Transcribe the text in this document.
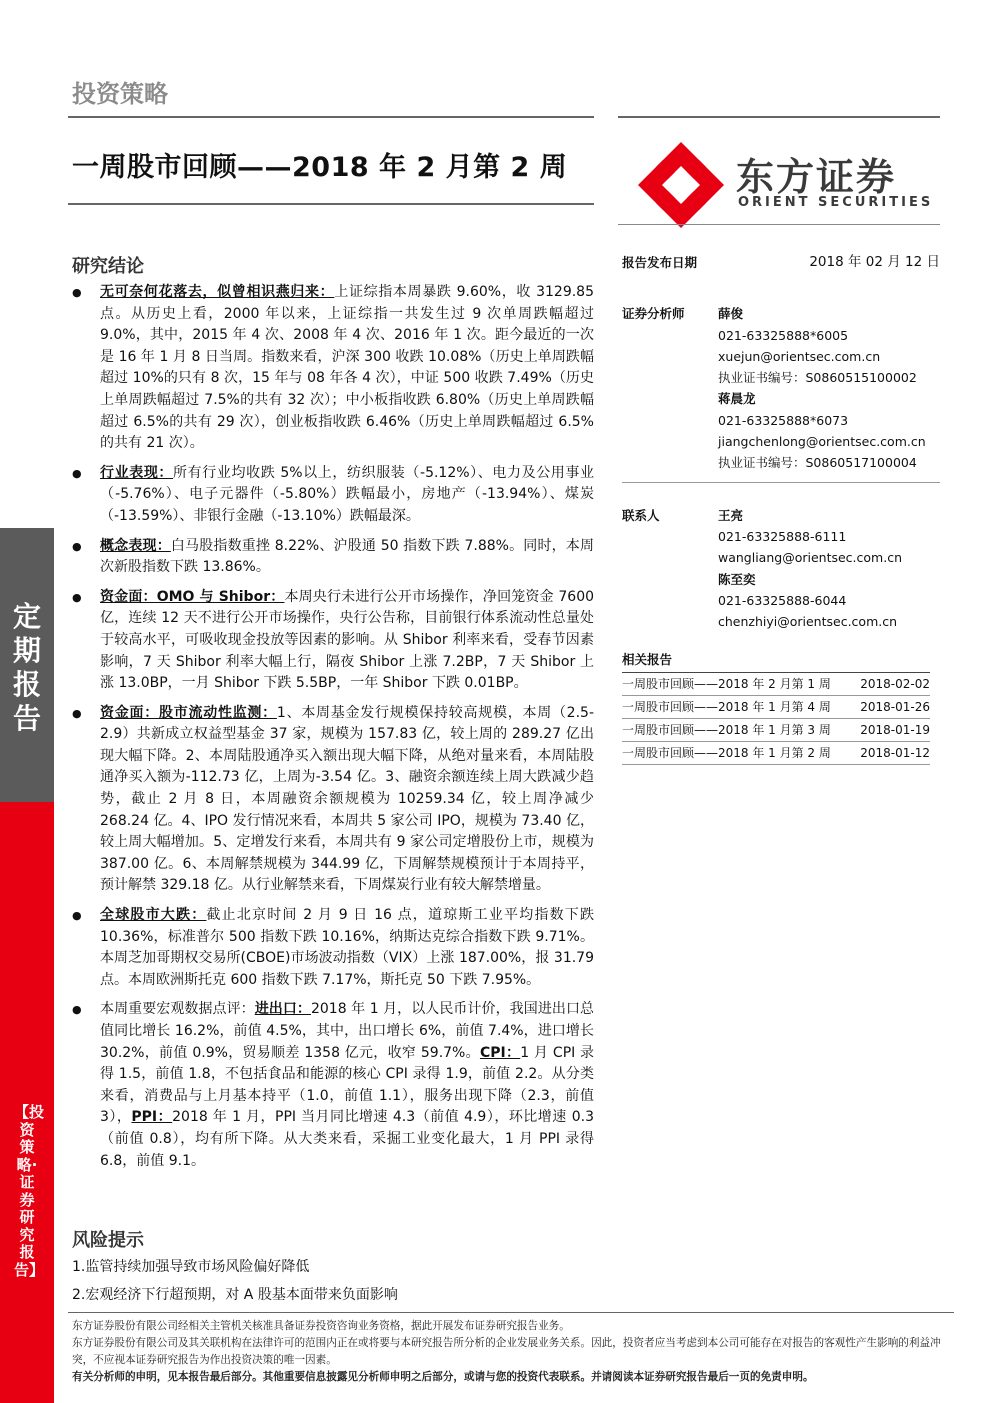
投资策略
一周股市回顾——2018 年 2 月第 2 周	东方证券
ORIENT SECURITIES
定期报告
【投资策略·证券研究报告】
研究结论
● 无可奈何花落去，似曾相识燕归来：上证综指本周暴跌 9.60%，收 3129.85 点。从历史上看，2000 年以来，上证综指一共发生过 9 次单周跌幅超过 9.0%，其中，2015 年 4 次、2008 年 4 次、2016 年 1 次。距今最近的一次是 16 年 1 月 8 日当周。指数来看，沪深 300 收跌 10.08%（历史上单周跌幅超过 10%的只有 8 次，15 年与 08 年各 4 次），中证 500 收跌 7.49%（历史上单周跌幅超过 7.5%的共有 32 次）；中小板指收跌 6.80%（历史上单周跌幅超过 6.5%的共有 29 次），创业板指收跌 6.46%（历史上单周跌幅超过 6.5%的共有 21 次）。
● 行业表现：所有行业均收跌 5%以上，纺织服装（-5.12%）、电力及公用事业（-5.76%）、电子元器件（-5.80%）跌幅最小，房地产（-13.94%）、煤炭（-13.59%）、非银行金融（-13.10%）跌幅最深。
● 概念表现：白马股指数重挫 8.22%、沪股通 50 指数下跌 7.88%。同时，本周次新股指数下跌 13.86%。
● 资金面：OMO 与 Shibor：本周央行未进行公开市场操作，净回笼资金 7600 亿，连续 12 天不进行公开市场操作，央行公告称，目前银行体系流动性总量处于较高水平，可吸收现金投放等因素的影响。从 Shibor 利率来看，受春节因素影响，7 天 Shibor 利率大幅上行，隔夜 Shibor 上涨 7.2BP，7 天 Shibor 上涨 13.0BP，一月 Shibor 下跌 5.5BP，一年 Shibor 下跌 0.01BP。
● 资金面：股市流动性监测：1、本周基金发行规模保持较高规模，本周（2.5-2.9）共新成立权益型基金 37 家，规模为 157.83 亿，较上周的 289.27 亿出现大幅下降。2、本周陆股通净买入额出现大幅下降，从绝对量来看，本周陆股通净买入额为-112.73 亿，上周为-3.54 亿。3、融资余额连续上周大跌减少趋势，截止 2 月 8 日，本周融资余额规模为 10259.34 亿，较上周净减少 268.24 亿。4、IPO 发行情况来看，本周共 5 家公司 IPO，规模为 73.40 亿，较上周大幅增加。5、定增发行来看，本周共有 9 家公司定增股份上市，规模为 387.00 亿。6、本周解禁规模为 344.99 亿，下周解禁规模预计于本周持平，预计解禁 329.18 亿。从行业解禁来看，下周煤炭行业有较大解禁增量。
● 全球股市大跌：截止北京时间 2 月 9 日 16 点，道琼斯工业平均指数下跌 10.36%，标准普尔 500 指数下跌 10.16%，纳斯达克综合指数下跌 9.71%。本周芝加哥期权交易所(CBOE)市场波动指数（VIX）上涨 187.00%，报 31.79 点。本周欧洲斯托克 600 指数下跌 7.17%，斯托克 50 下跌 7.95%。
● 本周重要宏观数据点评：进出口：2018 年 1 月，以人民币计价，我国进出口总值同比增长 16.2%，前值 4.5%，其中，出口增长 6%，前值 7.4%，进口增长 30.2%，前值 0.9%，贸易顺差 1358 亿元，收窄 59.7%。CPI：1 月 CPI 录得 1.5，前值 1.8，不包括食品和能源的核心 CPI 录得 1.9，前值 2.2。从分类来看，消费品与上月基本持平（1.0，前值 1.1），服务出现下降（2.3，前值 3），PPI：2018 年 1 月，PPI 当月同比增速 4.3（前值 4.9），环比增速 0.3（前值 0.8），均有所下降。从大类来看，采掘工业变化最大，1 月 PPI 录得 6.8，前值 9.1。
风险提示
1.监管持续加强导致市场风险偏好降低
2.宏观经济下行超预期，对 A 股基本面带来负面影响
报告发布日期	2018 年 02 月 12 日
证券分析师	薛俊
021-63325888*6005
xuejun@orientsec.com.cn
执业证书编号：S0860515100002
蒋晨龙
021-63325888*6073
jiangchenlong@orientsec.com.cn
执业证书编号：S0860517100004
联系人	王亮
021-63325888-6111
wangliang@orientsec.com.cn
陈至奕
021-63325888-6044
chenzhiyi@orientsec.com.cn
相关报告
一周股市回顾——2018 年 2 月第 1 周 2018-02-02
一周股市回顾——2018 年 1 月第 4 周 2018-01-26
一周股市回顾——2018 年 1 月第 3 周 2018-01-19
一周股市回顾——2018 年 1 月第 2 周 2018-01-12
东方证券股份有限公司经相关主管机关核准具备证券投资咨询业务资格，据此开展发布证券研究报告业务。
东方证券股份有限公司及其关联机构在法律许可的范围内正在或将要与本研究报告所分析的企业发展业务关系。因此，投资者应当考虑到本公司可能存在对报告的客观性产生影响的利益冲突，不应视本证券研究报告为作出投资决策的唯一因素。
有关分析师的申明，见本报告最后部分。其他重要信息披露见分析师申明之后部分，或请与您的投资代表联系。并请阅读本证券研究报告最后一页的免责申明。
